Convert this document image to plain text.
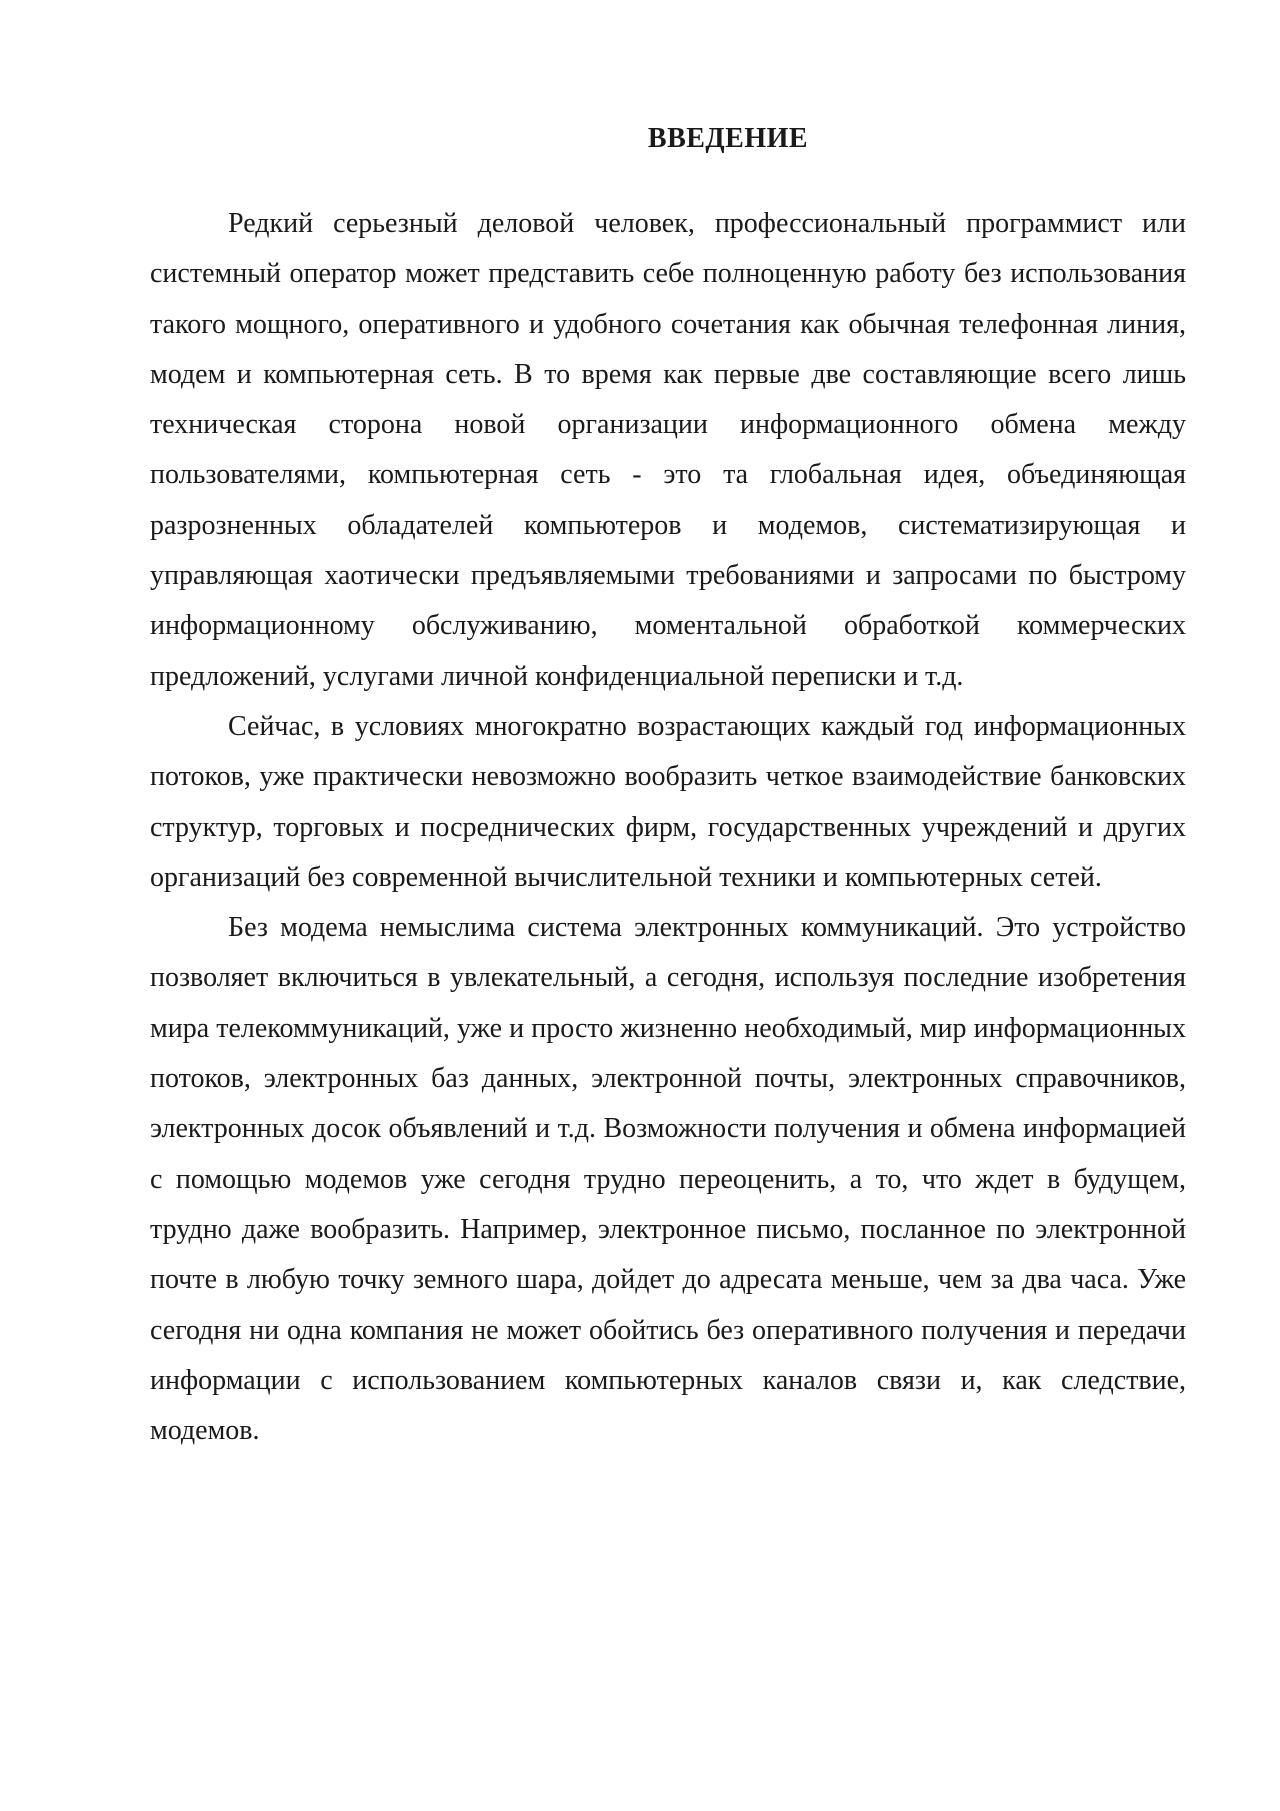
ВВЕДЕНИЕ

Редкий серьезный деловой человек, профессиональный программист или системный оператор может представить себе полноценную работу без использования такого мощного, оперативного и удобного сочетания как обычная телефонная линия, модем и компьютерная сеть. В то время как первые две составляющие всего лишь техническая сторона новой организации информационного обмена между пользователями, компьютерная сеть - это та глобальная идея, объединяющая разрозненных обладателей компьютеров и модемов, систематизирующая и управляющая хаотически предъявляемыми требованиями и запросами по быстрому информационному обслуживанию, моментальной обработкой коммерческих предложений, услугами личной конфиденциальной переписки и т.д.

Сейчас, в условиях многократно возрастающих каждый год информационных потоков, уже практически невозможно вообразить четкое взаимодействие банковских структур, торговых и посреднических фирм, государственных учреждений и других организаций без современной вычислительной техники и компьютерных сетей.

Без модема немыслима система электронных коммуникаций. Это устройство позволяет включиться в увлекательный, а сегодня, используя последние изобретения мира телекоммуникаций, уже и просто жизненно необходимый, мир информационных потоков, электронных баз данных, электронной почты, электронных справочников, электронных досок объявлений и т.д. Возможности получения и обмена информацией с помощью модемов уже сегодня трудно переоценить, а то, что ждет в будущем, трудно даже вообразить. Например, электронное письмо, посланное по электронной почте в любую точку земного шара, дойдет до адресата меньше, чем за два часа. Уже сегодня ни одна компания не может обойтись без оперативного получения и передачи информации с использованием компьютерных каналов связи и, как следствие, модемов.
